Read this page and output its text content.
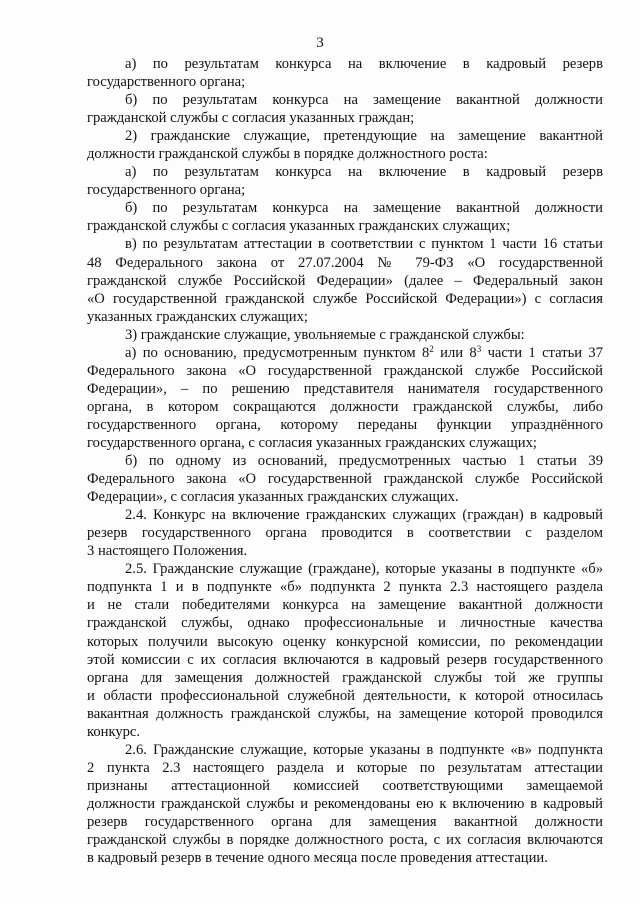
3
а) по результатам конкурса на включение в кадровый резерв
государственного органа;
б) по результатам конкурса на замещение вакантной должности
гражданской службы с согласия указанных граждан;
2) гражданские служащие, претендующие на замещение вакантной
должности гражданской службы в порядке должностного роста:
а) по результатам конкурса на включение в кадровый резерв
государственного органа;
б) по результатам конкурса на замещение вакантной должности
гражданской службы с согласия указанных гражданских служащих;
в) по результатам аттестации в соответствии с пунктом 1 части 16 статьи
48 Федерального закона от 27.07.2004 № 79-ФЗ «О государственной
гражданской службе Российской Федерации» (далее – Федеральный закон
«О государственной гражданской службе Российской Федерации») с согласия
указанных гражданских служащих;
3) гражданские служащие, увольняемые с гражданской службы:
а) по основанию, предусмотренным пунктом $8^2$ или $8^3$ части 1 статьи 37
Федерального закона «О государственной гражданской службе Российской
Федерации», – по решению представителя нанимателя государственного
органа, в котором сокращаются должности гражданской службы, либо
государственного органа, которому переданы функции упразднённого
государственного органа, с согласия указанных гражданских служащих;
б) по одному из оснований, предусмотренных частью 1 статьи 39
Федерального закона «О государственной гражданской службе Российской
Федерации», с согласия указанных гражданских служащих.
2.4. Конкурс на включение гражданских служащих (граждан) в кадровый
резерв государственного органа проводится в соответствии с разделом
3 настоящего Положения.
2.5. Гражданские служащие (граждане), которые указаны в подпункте «б»
подпункта 1 и в подпункте «б» подпункта 2 пункта 2.3 настоящего раздела
и не стали победителями конкурса на замещение вакантной должности
гражданской службы, однако профессиональные и личностные качества
которых получили высокую оценку конкурсной комиссии, по рекомендации
этой комиссии с их согласия включаются в кадровый резерв государственного
органа для замещения должностей гражданской службы той же группы
и области профессиональной служебной деятельности, к которой относилась
вакантная должность гражданской службы, на замещение которой проводился
конкурс.
2.6. Гражданские служащие, которые указаны в подпункте «в» подпункта
2 пункта 2.3 настоящего раздела и которые по результатам аттестации
признаны аттестационной комиссией соответствующими замещаемой
должности гражданской службы и рекомендованы ею к включению в кадровый
резерв государственного органа для замещения вакантной должности
гражданской службы в порядке должностного роста, с их согласия включаются
в кадровый резерв в течение одного месяца после проведения аттестации.
